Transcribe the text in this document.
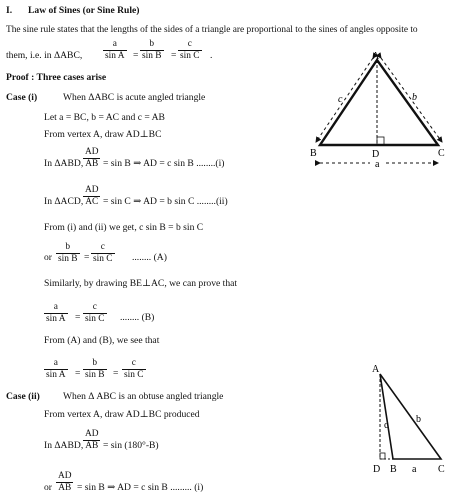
I. Law of Sines (or Sine Rule)
The sine rule states that the lengths of the sides of a triangle are proportional to the sines of angles opposite to
them, i.e. in ΔABC, $\frac{a}{\text{sin A}} = \frac{b}{\text{sin B}} = \frac{c}{\text{sin C}}$ .
Proof : Three cases arise
Case (i)	When ΔABC is acute angled triangle
Let a = BC, b = AC and c = AB
From vertex A, draw AD⊥BC
In ΔABD, $\frac{AD}{AB} = \sin B$ ⇒ AD = c sin B ........(i)
In ΔACD, $\frac{AD}{AC} = \sin C$ ⇒ AD = b sin C ........(ii)
From (i) and (ii) we get, c sin B = b sin C
or $\frac{b}{\text{sin B}} = \frac{c}{\text{sin C}}$ ........ (A)
Similarly, by drawing BE⊥AC, we can prove that
$\frac{a}{\text{sin A}} = \frac{c}{\text{sin C}}$ ........ (B)
From (A) and (B), we see that
$\frac{a}{\text{sin A}} = \frac{b}{\text{sin B}} = \frac{c}{\text{sin C}}$
Case (ii) When Δ ABC is an obtuse angled triangle
From vertex A, draw AD⊥BC produced
In ΔABD, $\frac{AD}{AB} = \sin (180^\circ-B)$
or $\frac{AD}{AB} = \sin B$ ⇒ AD = c sin B ......... (i)
A
B	C
D
a
b
c
A
D B a C
b
c
